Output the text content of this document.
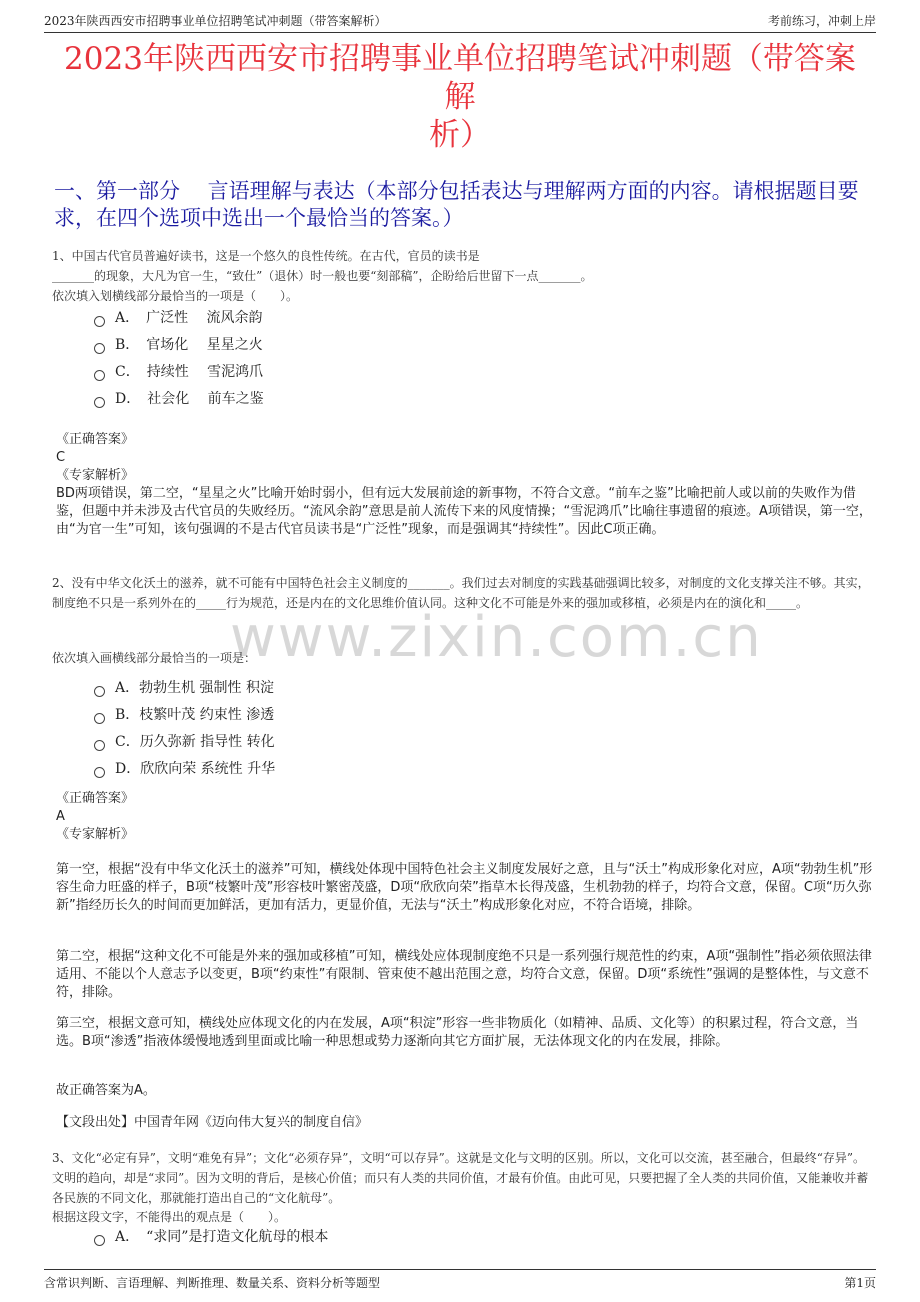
2023年陕西西安市招聘事业单位招聘笔试冲刺题（带答案解析）	考前练习，冲刺上岸
2023年陕西西安市招聘事业单位招聘笔试冲刺题（带答案解
析）
一、第一部分　 言语理解与表达（本部分包括表达与理解两方面的内容。请根据题目要求，在四个选项中选出一个最恰当的答案。）
www.zixin.com.cn
1、中国古代官员普遍好读书，这是一个悠久的良性传统。在古代，官员的读书是
_______的现象，大凡为官一生，“致仕”（退休）时一般也要“刻部稿”，企盼给后世留下一点_______。
依次填入划横线部分最恰当的一项是（　　）。
A．　广泛性　 流风余韵
B．　官场化　 星星之火
C．　持续性　 雪泥鸿爪
D．　社会化　 前车之鉴
《正确答案》
C
《专家解析》
BD两项错误，第二空，“星星之火”比喻开始时弱小，但有远大发展前途的新事物，不符合文意。“前车之鉴”比喻把前人或以前的失败作为借鉴，但题中并未涉及古代官员的失败经历。“流风余韵”意思是前人流传下来的风度情操；“雪泥鸿爪”比喻往事遗留的痕迹。A项错误，第一空，由“为官一生”可知，该句强调的不是古代官员读书是“广泛性”现象，而是强调其“持续性”。因此C项正确。
2、没有中华文化沃土的滋养，就不可能有中国特色社会主义制度的_______。我们过去对制度的实践基础强调比较多，对制度的文化支撑关注不够。其实，制度绝不只是一系列外在的_____行为规范，还是内在的文化思维价值认同。这种文化不可能是外来的强加或移植，必须是内在的演化和_____。
依次填入画横线部分最恰当的一项是：
A．勃勃生机 强制性 积淀
B．枝繁叶茂 约束性 渗透
C．历久弥新 指导性 转化
D．欣欣向荣 系统性 升华
《正确答案》
A
《专家解析》
第一空，根据“没有中华文化沃土的滋养”可知，横线处体现中国特色社会主义制度发展好之意，且与“沃土”构成形象化对应，A项“勃勃生机”形容生命力旺盛的样子，B项“枝繁叶茂”形容枝叶繁密茂盛，D项“欣欣向荣”指草木长得茂盛，生机勃勃的样子，均符合文意，保留。C项“历久弥新”指经历长久的时间而更加鲜活，更加有活力，更显价值，无法与“沃土”构成形象化对应，不符合语境，排除。
第二空，根据“这种文化不可能是外来的强加或移植”可知，横线处应体现制度绝不只是一系列强行规范性的约束，A项“强制性”指必须依照法律适用、不能以个人意志予以变更，B项“约束性”有限制、管束使不越出范围之意，均符合文意，保留。D项“系统性”强调的是整体性，与文意不符，排除。
第三空，根据文意可知，横线处应体现文化的内在发展，A项“积淀”形容一些非物质化（如精神、品质、文化等）的积累过程，符合文意，当选。B项“渗透”指液体缓慢地透到里面或比喻一种思想或势力逐渐向其它方面扩展，无法体现文化的内在发展，排除。
故正确答案为A。
【文段出处】中国青年网《迈向伟大复兴的制度自信》
3、文化“必定有异”，文明“难免有异”；文化“必须存异”，文明“可以存异”。这就是文化与文明的区别。所以，文化可以交流，甚至融合，但最终“存异”。文明的趋向，却是“求同”。因为文明的背后，是核心价值；而只有人类的共同价值，才最有价值。由此可见，只要把握了全人类的共同价值，又能兼收并蓄各民族的不同文化，那就能打造出自己的“文化航母”。
根据这段文字，不能得出的观点是（　　）。
A．　“求同”是打造文化航母的根本
含常识判断、言语理解、判断推理、数量关系、资料分析等题型	第1页
